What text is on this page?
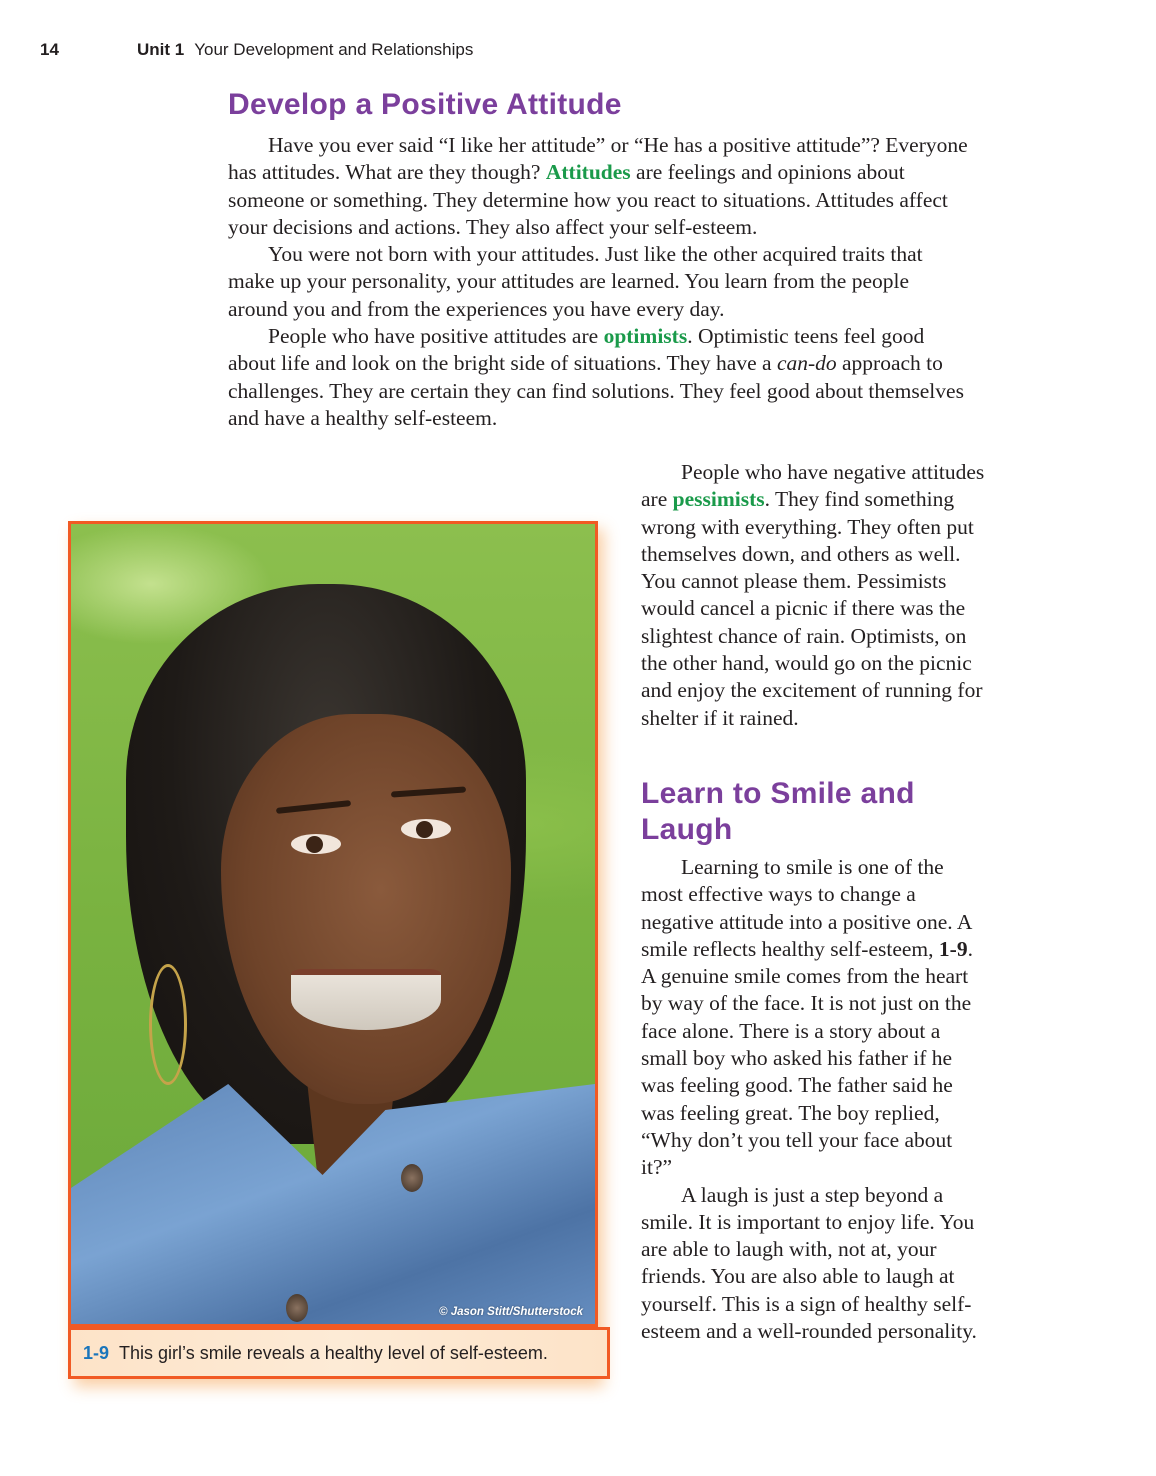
14	Unit 1 Your Development and Relationships
Develop a Positive Attitude

Have you ever said “I like her attitude” or “He has a positive attitude”? Everyone has attitudes. What are they though? Attitudes are feelings and opinions about someone or something. They determine how you react to situations. Attitudes affect your decisions and actions. They also affect your self-esteem.

You were not born with your attitudes. Just like the other acquired traits that make up your personality, your attitudes are learned. You learn from the people around you and from the experiences you have every day.

People who have positive attitudes are optimists. Optimistic teens feel good about life and look on the bright side of situations. They have a can-do approach to challenges. They are certain they can find solutions. They feel good about themselves and have a healthy self-esteem.

People who have negative attitudes are pessimists. They find something wrong with everything. They often put themselves down, and others as well. You cannot please them. Pessimists would cancel a picnic if there was the slightest chance of rain. Optimists, on the other hand, would go on the picnic and enjoy the excitement of running for shelter if it rained.

Learn to Smile and Laugh

Learning to smile is one of the most effective ways to change a negative attitude into a positive one. A smile reflects healthy self-esteem, 1-9. A genuine smile comes from the heart by way of the face. It is not just on the face alone. There is a story about a small boy who asked his father if he was feeling good. The father said he was feeling great. The boy replied, “Why don’t you tell your face about it?”

A laugh is just a step beyond a smile. It is important to enjoy life. You are able to laugh with, not at, your friends. You are also able to laugh at yourself. This is a sign of healthy self-esteem and a well-rounded personality.

© Jason Stitt/Shutterstock
1-9 This girl’s smile reveals a healthy level of self-esteem.
